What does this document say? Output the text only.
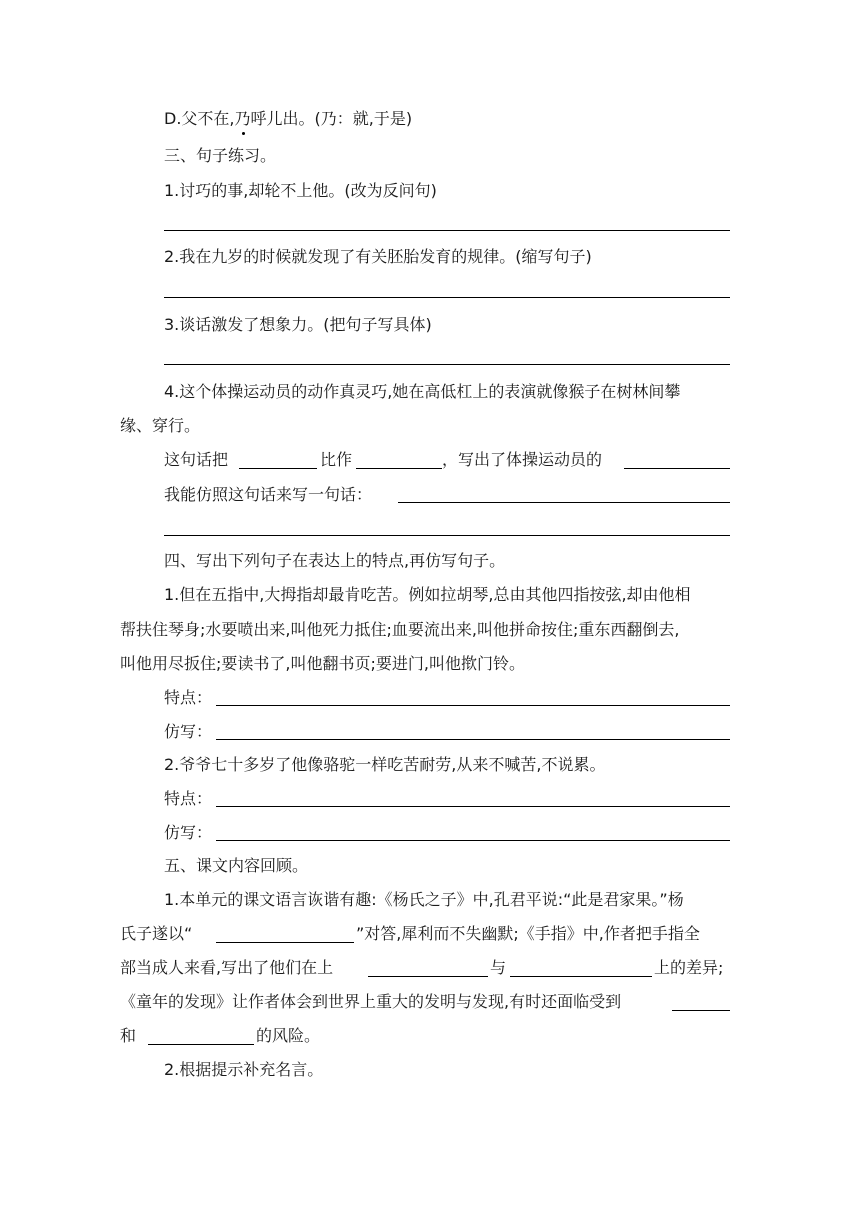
D.父不在,乃呼儿出。(乃：就,于是)
三、句子练习。
1.讨巧的事,却轮不上他。(改为反问句)
2.我在九岁的时候就发现了有关胚胎发育的规律。(缩写句子)
3.谈话激发了想象力。(把句子写具体)
4.这个体操运动员的动作真灵巧,她在高低杠上的表演就像猴子在树林间攀
缘、穿行。
这句话把	比作	，写出了体操运动员的
我能仿照这句话来写一句话：
四、写出下列句子在表达上的特点,再仿写句子。
1.但在五指中,大拇指却最肯吃苦。例如拉胡琴,总由其他四指按弦,却由他相
帮扶住琴身;水要喷出来,叫他死力抵住;血要流出来,叫他拼命按住;重东西翻倒去,
叫他用尽扳住;要读书了,叫他翻书页;要进门,叫他揿门铃。
特点：
仿写：
2.爷爷七十多岁了他像骆驼一样吃苦耐劳,从来不喊苦,不说累。
特点：
仿写：
五、课文内容回顾。
1.本单元的课文语言诙谐有趣:《杨氏之子》中,孔君平说:“此是君家果。”杨
氏子遂以“	”对答,犀利而不失幽默;《手指》中,作者把手指全
部当成人来看,写出了他们在上	与	上的差异;
《童年的发现》让作者体会到世界上重大的发明与发现,有时还面临受到
和	的风险。
2.根据提示补充名言。
